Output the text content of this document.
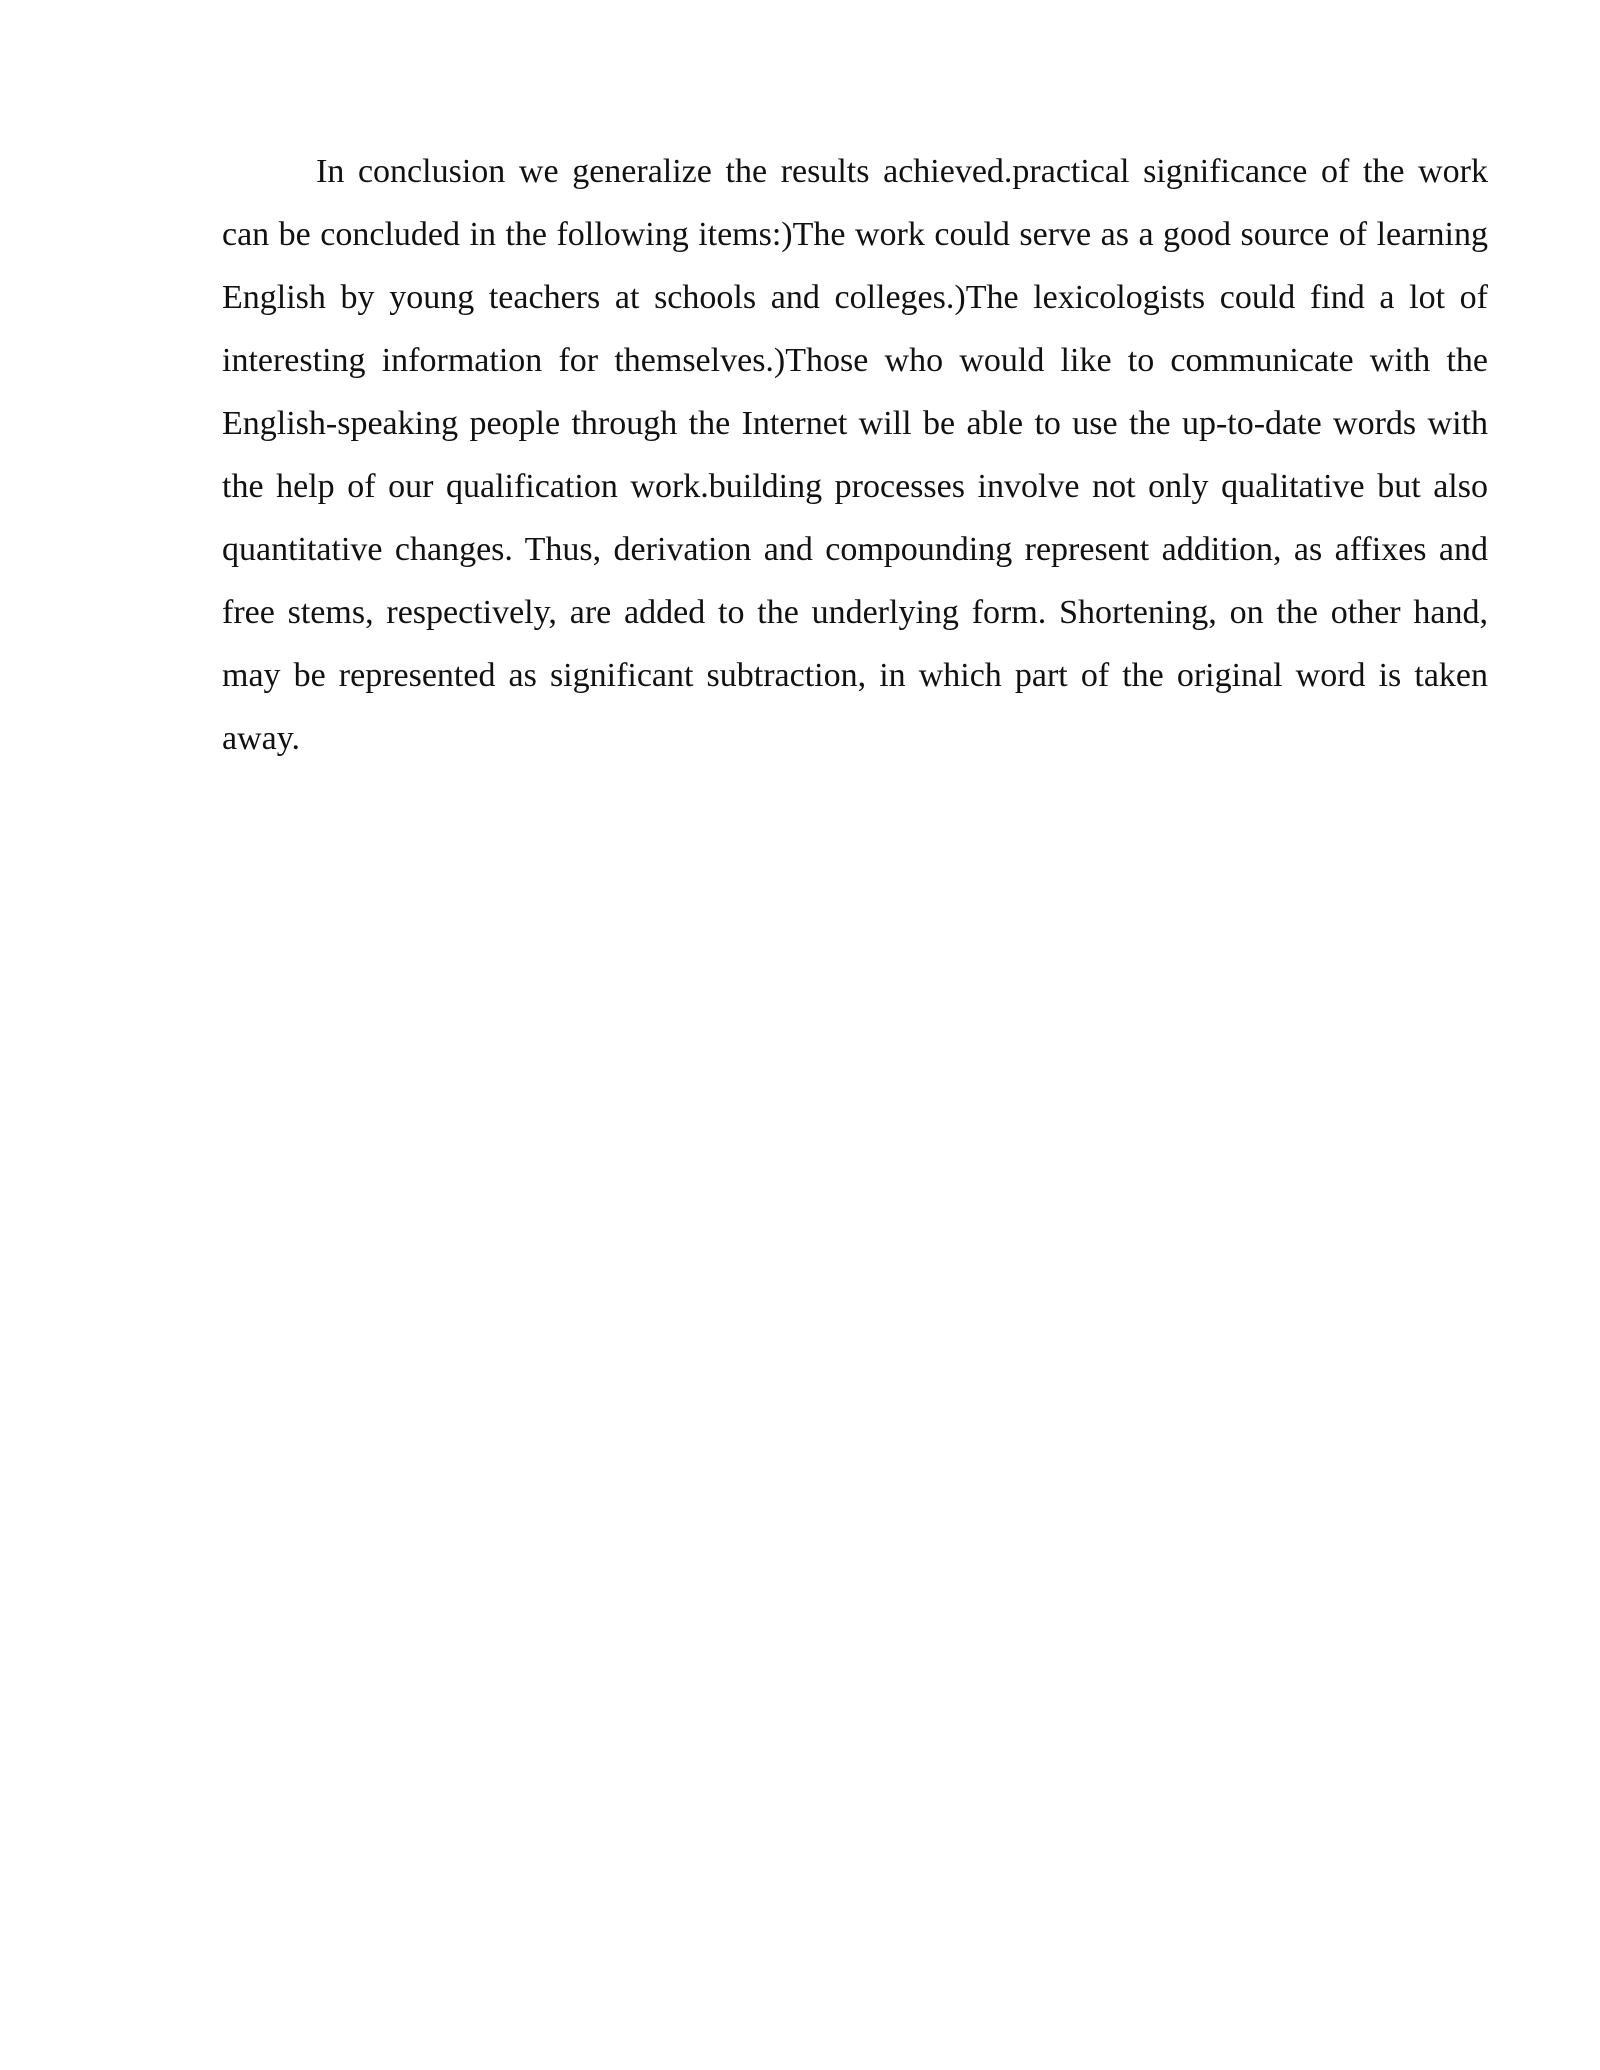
In conclusion we generalize the results achieved.practical significance of the work can be concluded in the following items:)The work could serve as a good source of learning English by young teachers at schools and colleges.)The lexicologists could find a lot of interesting information for themselves.)Those who would like to communicate with the English-speaking people through the Internet will be able to use the up-to-date words with the help of our qualification work.building processes involve not only qualitative but also quantitative changes. Thus, derivation and compounding represent addition, as affixes and free stems, respectively, are added to the underlying form. Shortening, on the other hand, may be represented as significant subtraction, in which part of the original word is taken away.
